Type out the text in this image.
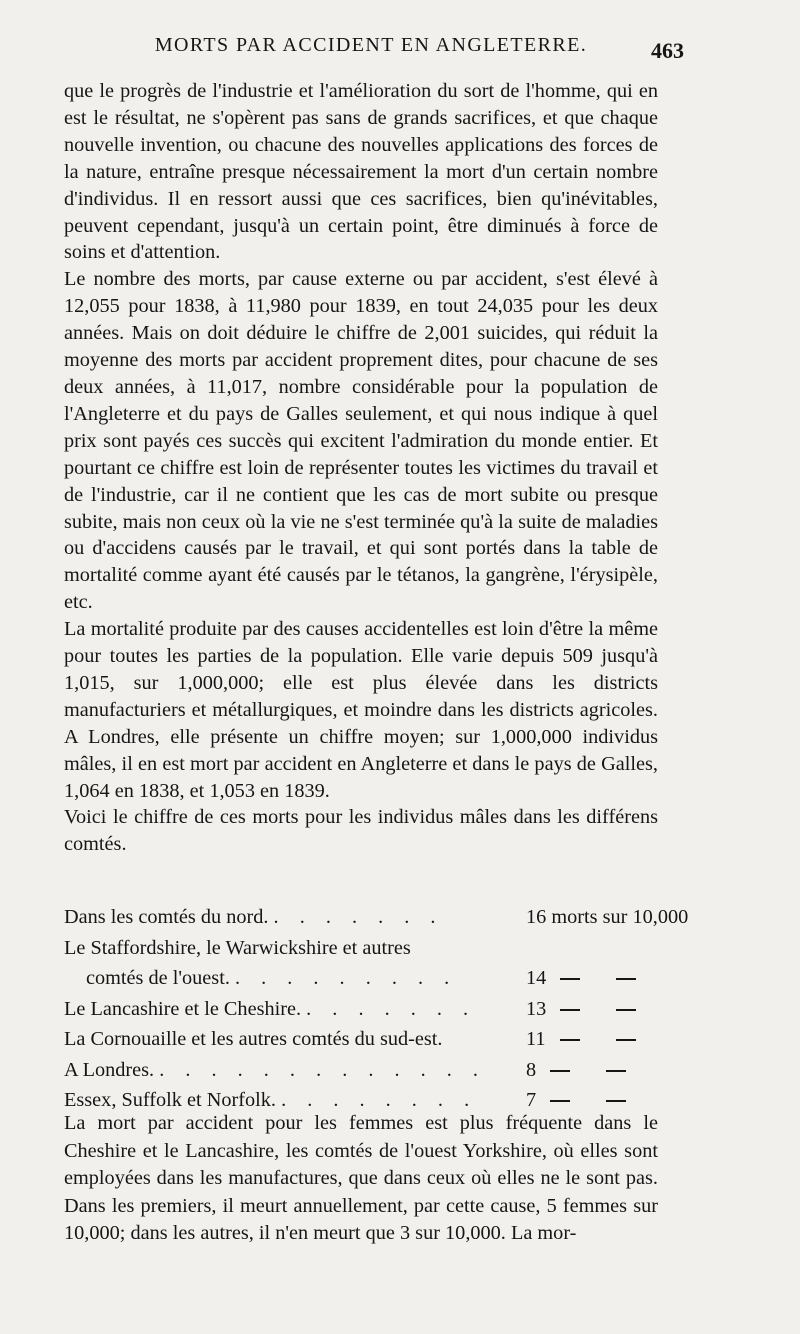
MORTS PAR ACCIDENT EN ANGLETERRE.	463

que le progrès de l'industrie et l'amélioration du sort de l'homme, qui en est le résultat, ne s'opèrent pas sans de grands sacrifices, et que chaque nouvelle invention, ou chacune des nouvelles applications des forces de la nature, entraîne presque nécessairement la mort d'un certain nombre d'individus. Il en ressort aussi que ces sacrifices, bien qu'inévitables, peuvent cependant, jusqu'à un certain point, être diminués à force de soins et d'attention.

Le nombre des morts, par cause externe ou par accident, s'est élevé à 12,055 pour 1838, à 11,980 pour 1839, en tout 24,035 pour les deux années. Mais on doit déduire le chiffre de 2,001 suicides, qui réduit la moyenne des morts par accident proprement dites, pour chacune de ses deux années, à 11,017, nombre considérable pour la population de l'Angleterre et du pays de Galles seulement, et qui nous indique à quel prix sont payés ces succès qui excitent l'admiration du monde entier. Et pourtant ce chiffre est loin de représenter toutes les victimes du travail et de l'industrie, car il ne contient que les cas de mort subite ou presque subite, mais non ceux où la vie ne s'est terminée qu'à la suite de maladies ou d'accidens causés par le travail, et qui sont portés dans la table de mortalité comme ayant été causés par le tétanos, la gangrène, l'érysipèle, etc.

La mortalité produite par des causes accidentelles est loin d'être la même pour toutes les parties de la population. Elle varie depuis 509 jusqu'à 1,015, sur 1,000,000; elle est plus élevée dans les districts manufacturiers et métallurgiques, et moindre dans les districts agricoles. A Londres, elle présente un chiffre moyen; sur 1,000,000 individus mâles, il en est mort par accident en Angleterre et dans le pays de Galles, 1,064 en 1838, et 1,053 en 1839.

Voici le chiffre de ces morts pour les individus mâles dans les différens comtés.

Dans les comtés du nord. . . . . . . .	16 morts sur 10,000
Le Staffordshire, le Warwickshire et autres
comtés de l'ouest. . . . . . . . . .	14
Le Lancashire et le Cheshire. . . . . . . .	13
La Cornouaille et les autres comtés du sud-est.	11
A Londres. . . . . . . . . . . . . .	8
Essex, Suffolk et Norfolk. . . . . . . . .	7

La mort par accident pour les femmes est plus fréquente dans le Cheshire et le Lancashire, les comtés de l'ouest Yorkshire, où elles sont employées dans les manufactures, que dans ceux où elles ne le sont pas. Dans les premiers, il meurt annuellement, par cette cause, 5 femmes sur 10,000; dans les autres, il n'en meurt que 3 sur 10,000. La mor-
